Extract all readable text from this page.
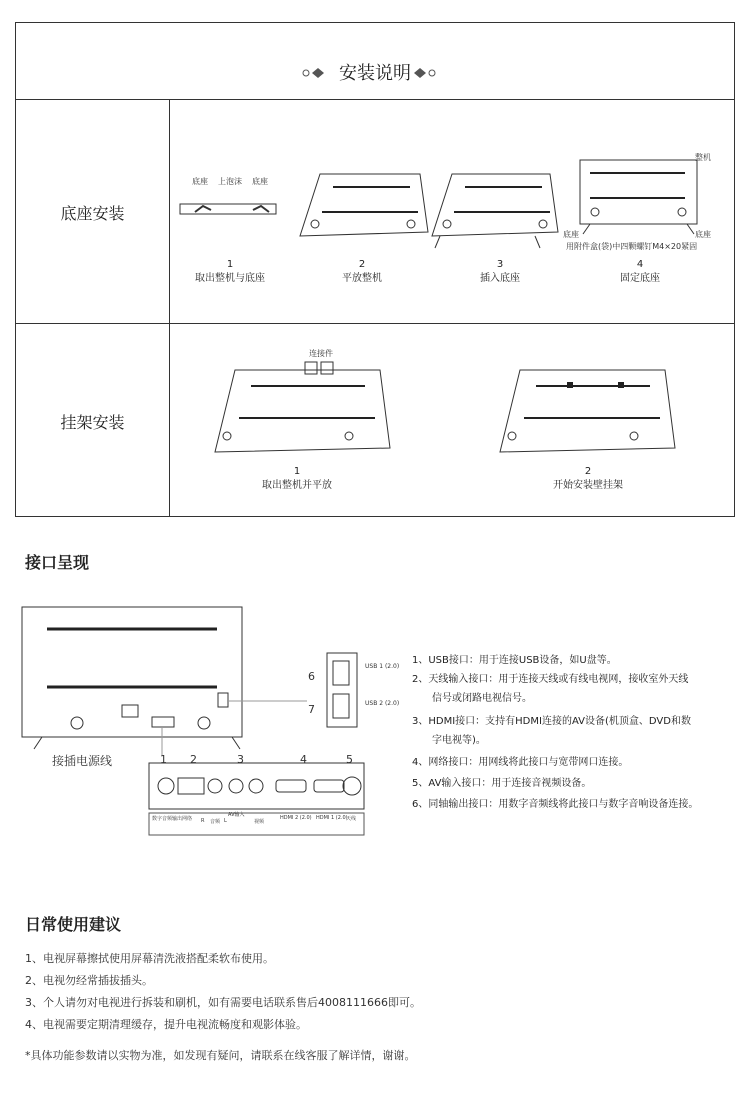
安装说明
底座安装
挂架安装
底座 上泡沫 底座
整机
底座	底座
用附件盒(袋)中四颗螺钉M4×20紧固
1
取出整机与底座
2
平放整机
3
插入底座
4
固定底座
连接件
1
取出整机并平放
2
开始安装壁挂架
接口呈现
6
7
1 2	3	4	5
USB 1 (2.0)
USB 2 (2.0)
接插电源线
数字音频输出 网络
AV输入
R 音频 L	视频
HDMI 2 (2.0) HDMI 1 (2.0)
天线
1、USB接口：用于连接USB设备，如U盘等。
2、天线输入接口：用于连接天线或有线电视网，接收室外天线
信号或闭路电视信号。
3、HDMI接口：支持有HDMI连接的AV设备(机顶盒、DVD和数
字电视等)。
4、网络接口：用网线将此接口与宽带网口连接。
5、AV输入接口：用于连接音视频设备。
6、同轴输出接口：用数字音频线将此接口与数字音响设备连接。
日常使用建议
1、电视屏幕擦拭使用屏幕清洗液搭配柔软布使用。
2、电视勿经常插拔插头。
3、个人请勿对电视进行拆装和刷机，如有需要电话联系售后4008111666即可。
4、电视需要定期清理缓存，提升电视流畅度和观影体验。
*具体功能参数请以实物为准，如发现有疑问，请联系在线客服了解详情，谢谢。
